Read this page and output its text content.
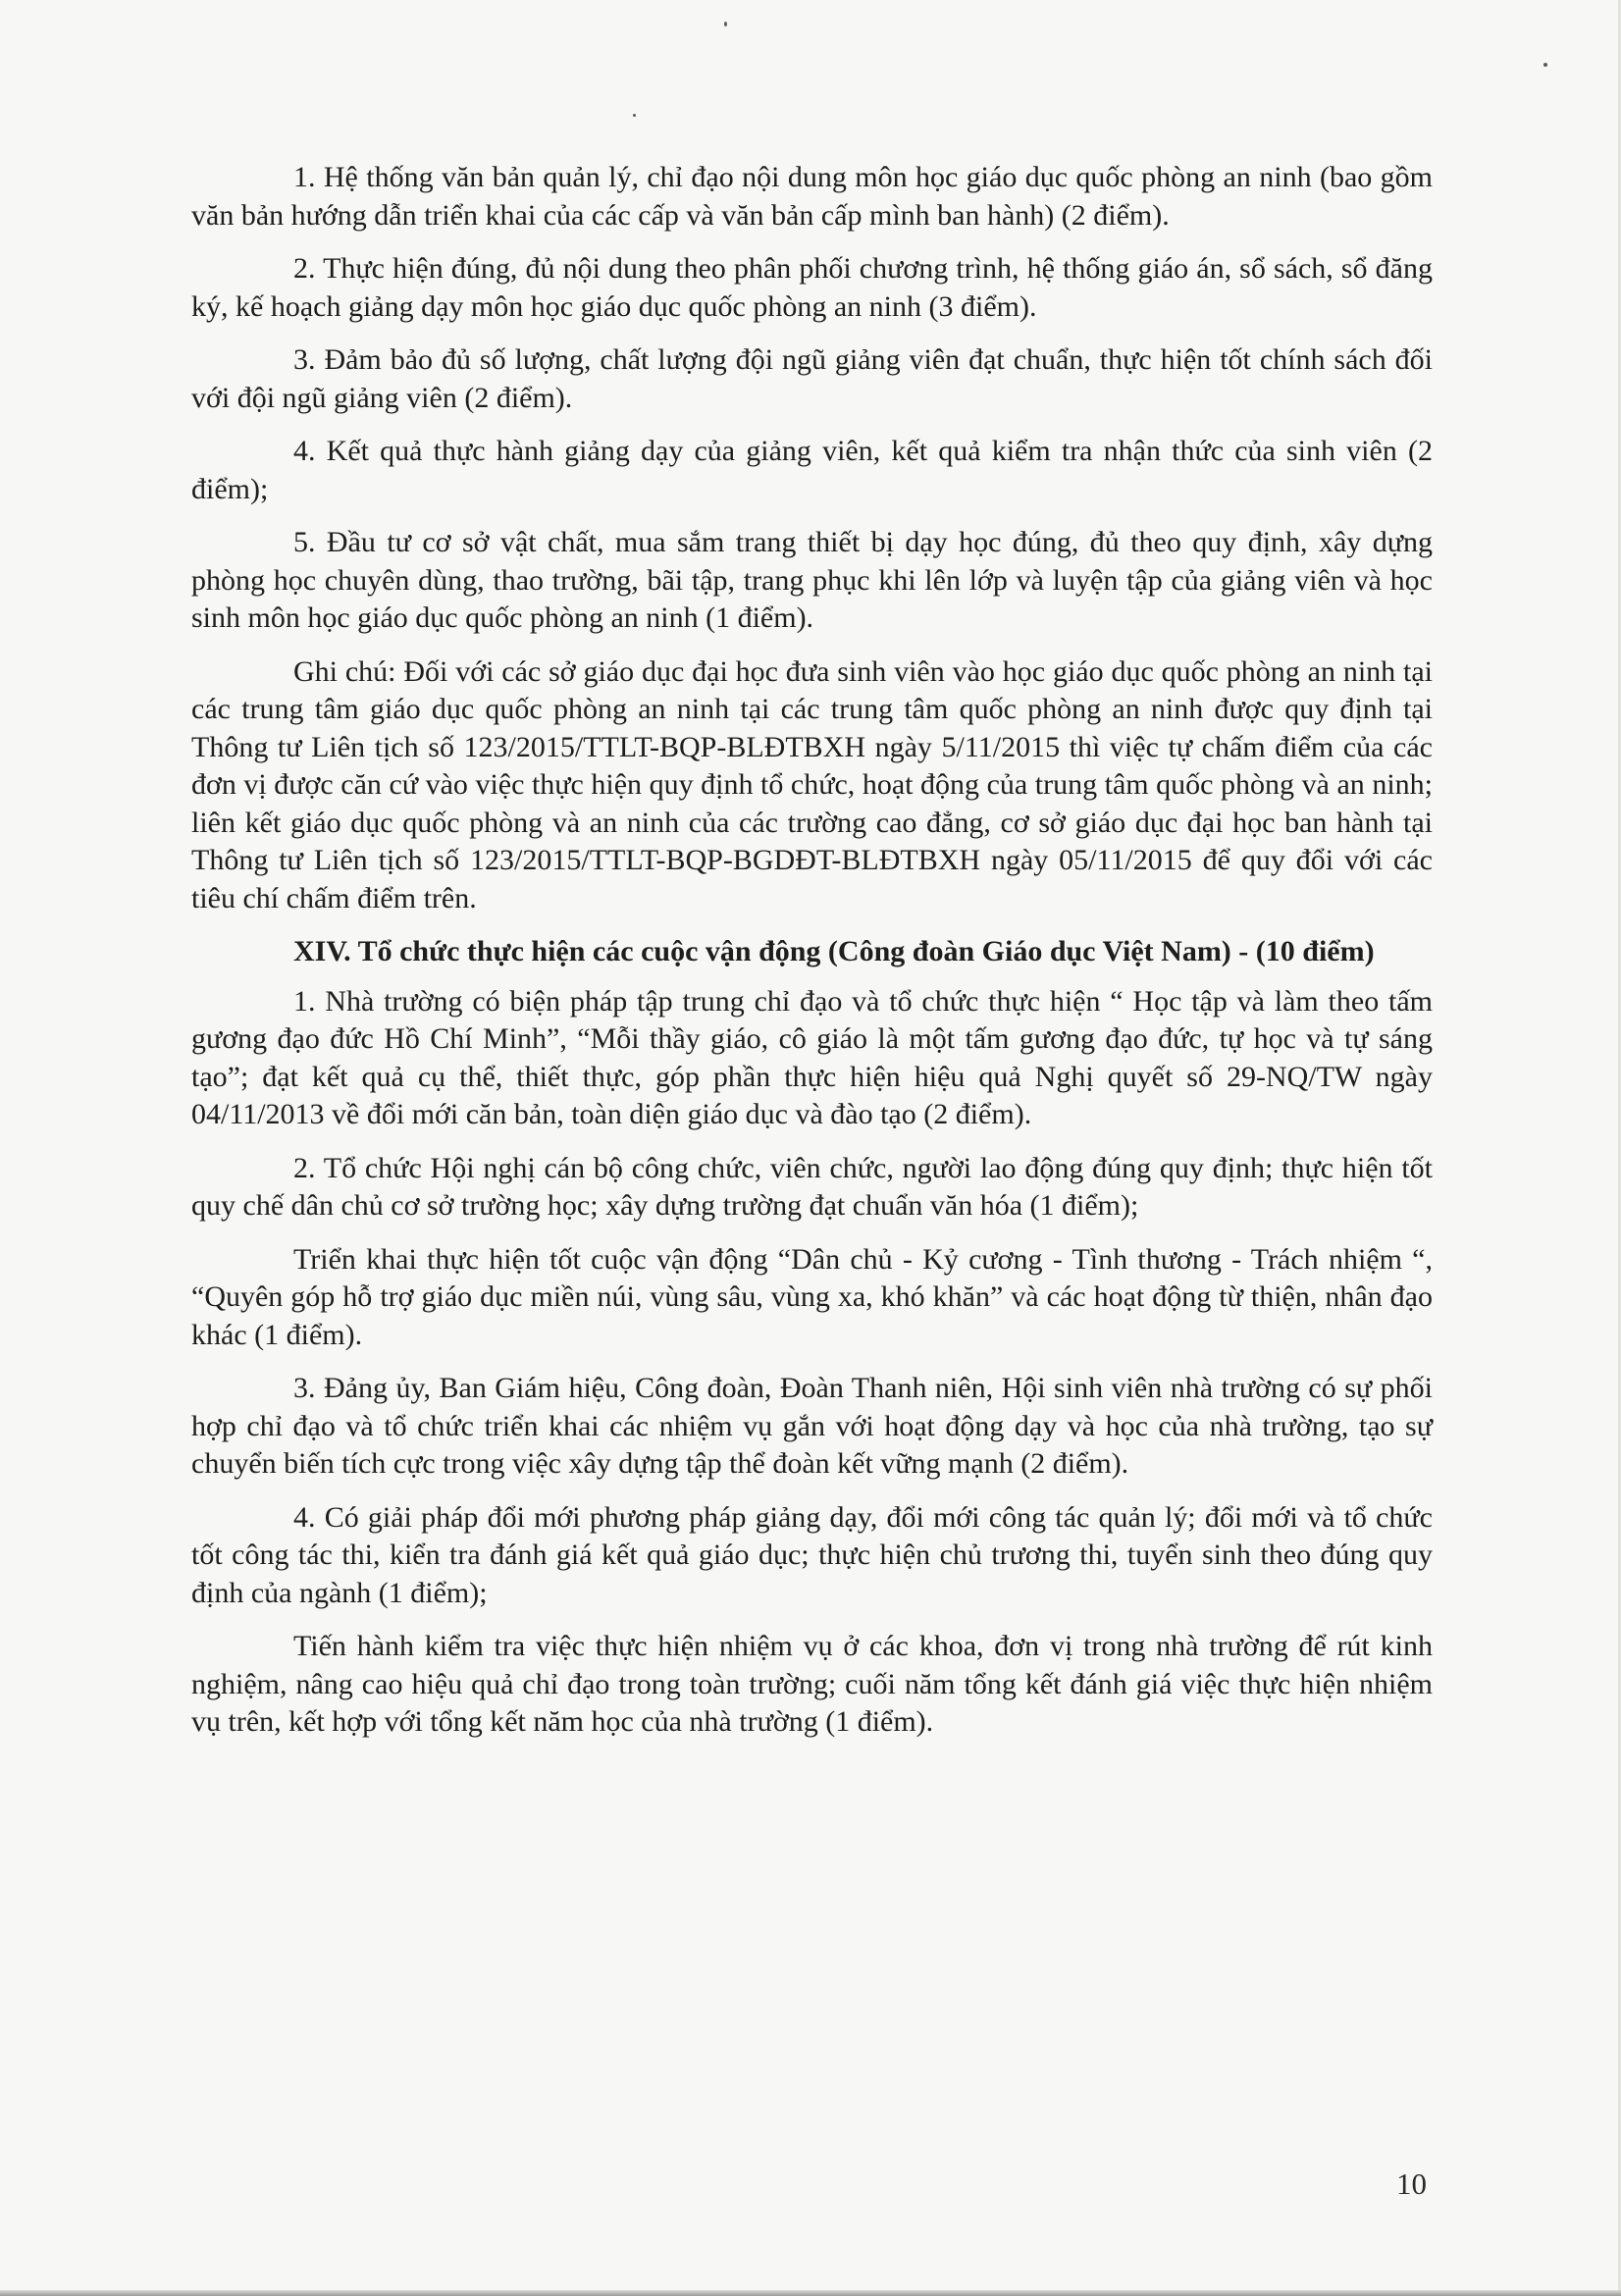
1. Hệ thống văn bản quản lý, chỉ đạo nội dung môn học giáo dục quốc phòng an ninh (bao gồm văn bản hướng dẫn triển khai của các cấp và văn bản cấp mình ban hành) (2 điểm).

2. Thực hiện đúng, đủ nội dung theo phân phối chương trình, hệ thống giáo án, sổ sách, sổ đăng ký, kế hoạch giảng dạy môn học giáo dục quốc phòng an ninh (3 điểm).

3. Đảm bảo đủ số lượng, chất lượng đội ngũ giảng viên đạt chuẩn, thực hiện tốt chính sách đối với đội ngũ giảng viên (2 điểm).

4. Kết quả thực hành giảng dạy của giảng viên, kết quả kiểm tra nhận thức của sinh viên (2 điểm);

5. Đầu tư cơ sở vật chất, mua sắm trang thiết bị dạy học đúng, đủ theo quy định, xây dựng phòng học chuyên dùng, thao trường, bãi tập, trang phục khi lên lớp và luyện tập của giảng viên và học sinh môn học giáo dục quốc phòng an ninh (1 điểm).

Ghi chú: Đối với các sở giáo dục đại học đưa sinh viên vào học giáo dục quốc phòng an ninh tại các trung tâm giáo dục quốc phòng an ninh tại các trung tâm quốc phòng an ninh được quy định tại Thông tư Liên tịch số 123/2015/TTLT-BQP-BLĐTBXH ngày 5/11/2015 thì việc tự chấm điểm của các đơn vị được căn cứ vào việc thực hiện quy định tổ chức, hoạt động của trung tâm quốc phòng và an ninh; liên kết giáo dục quốc phòng và an ninh của các trường cao đẳng, cơ sở giáo dục đại học ban hành tại Thông tư Liên tịch số 123/2015/TTLT-BQP-BGDĐT-BLĐTBXH ngày 05/11/2015 để quy đổi với các tiêu chí chấm điểm trên.

XIV. Tổ chức thực hiện các cuộc vận động (Công đoàn Giáo dục Việt Nam) - (10 điểm)

1. Nhà trường có biện pháp tập trung chỉ đạo và tổ chức thực hiện “ Học tập và làm theo tấm gương đạo đức Hồ Chí Minh”, “Mỗi thầy giáo, cô giáo là một tấm gương đạo đức, tự học và tự sáng tạo”; đạt kết quả cụ thể, thiết thực, góp phần thực hiện hiệu quả Nghị quyết số 29-NQ/TW ngày 04/11/2013 về đổi mới căn bản, toàn diện giáo dục và đào tạo (2 điểm).

2. Tổ chức Hội nghị cán bộ công chức, viên chức, người lao động đúng quy định; thực hiện tốt quy chế dân chủ cơ sở trường học; xây dựng trường đạt chuẩn văn hóa (1 điểm);

Triển khai thực hiện tốt cuộc vận động “Dân chủ - Kỷ cương - Tình thương - Trách nhiệm “, “Quyên góp hỗ trợ giáo dục miền núi, vùng sâu, vùng xa, khó khăn” và các hoạt động từ thiện, nhân đạo khác (1 điểm).

3. Đảng ủy, Ban Giám hiệu, Công đoàn, Đoàn Thanh niên, Hội sinh viên nhà trường có sự phối hợp chỉ đạo và tổ chức triển khai các nhiệm vụ gắn với hoạt động dạy và học của nhà trường, tạo sự chuyển biến tích cực trong việc xây dựng tập thể đoàn kết vững mạnh (2 điểm).

4. Có giải pháp đổi mới phương pháp giảng dạy, đổi mới công tác quản lý; đổi mới và tổ chức tốt công tác thi, kiển tra đánh giá kết quả giáo dục; thực hiện chủ trương thi, tuyển sinh theo đúng quy định của ngành (1 điểm);

Tiến hành kiểm tra việc thực hiện nhiệm vụ ở các khoa, đơn vị trong nhà trường để rút kinh nghiệm, nâng cao hiệu quả chỉ đạo trong toàn trường; cuối năm tổng kết đánh giá việc thực hiện nhiệm vụ trên, kết hợp với tổng kết năm học của nhà trường (1 điểm).

10
